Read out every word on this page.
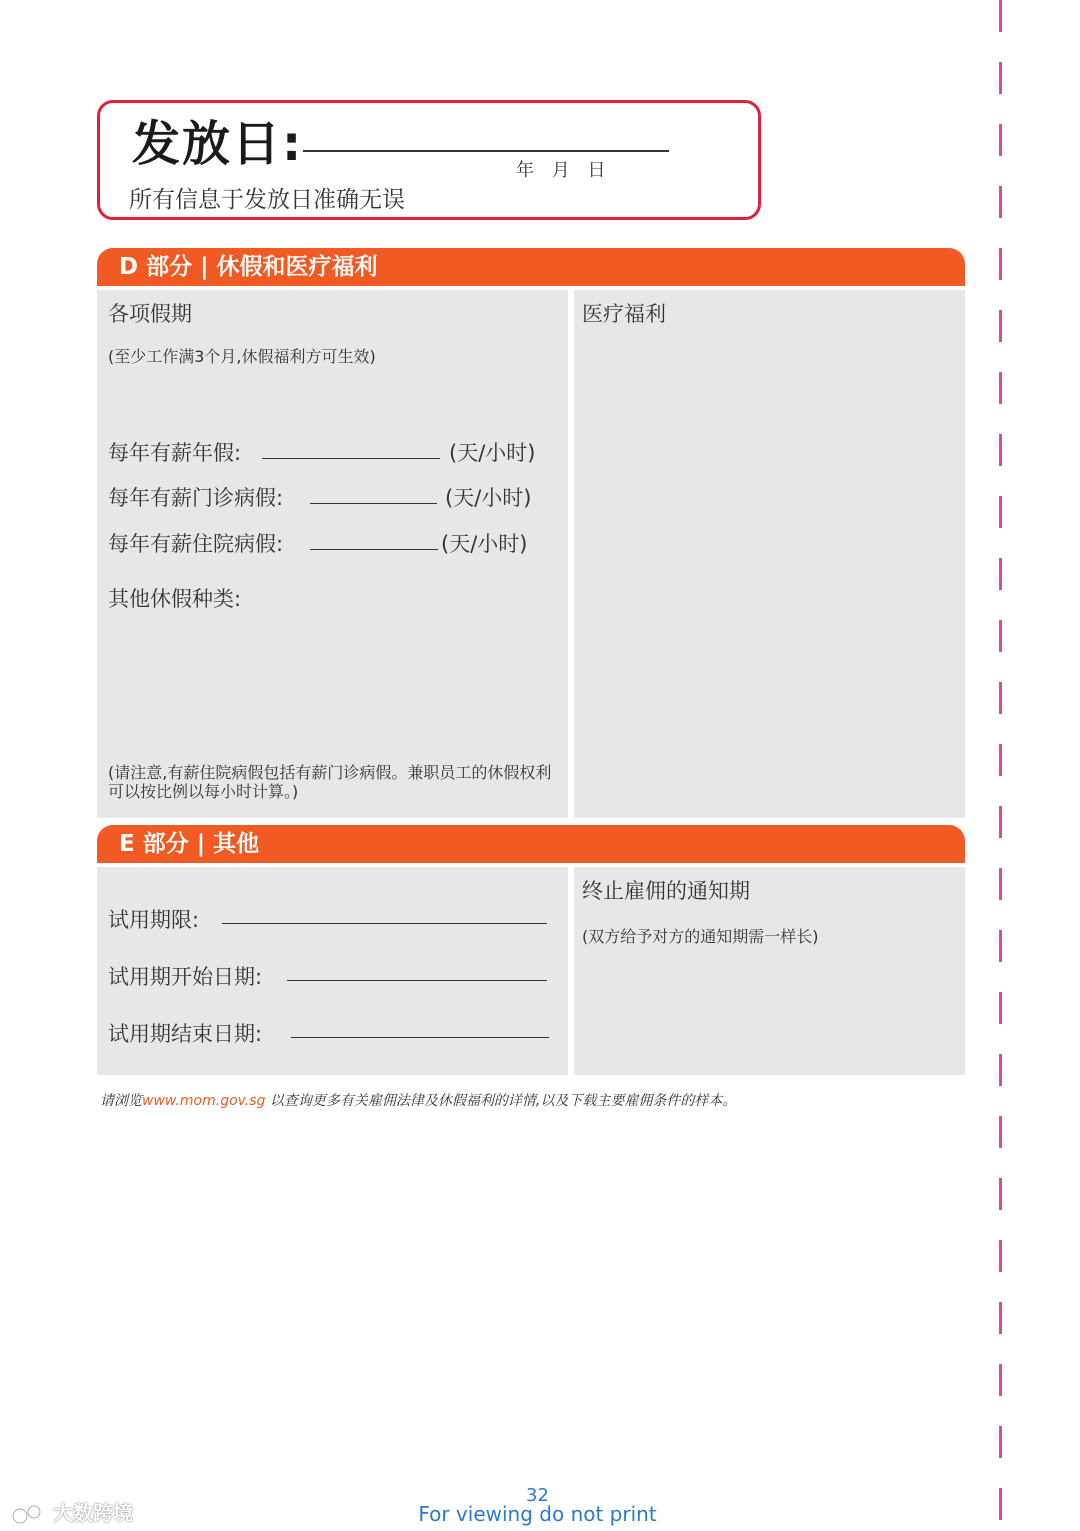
发放日:	年 月 日
所有信息于发放日准确无误
D 部分 | 休假和医疗福利
各项假期
(至少工作满3个月,休假福利方可生效)
每年有薪年假:	(天/小时)
每年有薪门诊病假:	(天/小时)
每年有薪住院病假:	(天/小时)
其他休假种类:
(请注意,有薪住院病假包括有薪门诊病假。兼职员工的休假权利可以按比例以每小时计算。)
医疗福利
E 部分 | 其他
试用期限:
试用期开始日期:
试用期结束日期:
终止雇佣的通知期
(双方给予对方的通知期需一样长)
请浏览www.mom.gov.sg 以查询更多有关雇佣法律及休假福利的详情,以及下载主要雇佣条件的样本。
32
For viewing do not print
大数跨境
